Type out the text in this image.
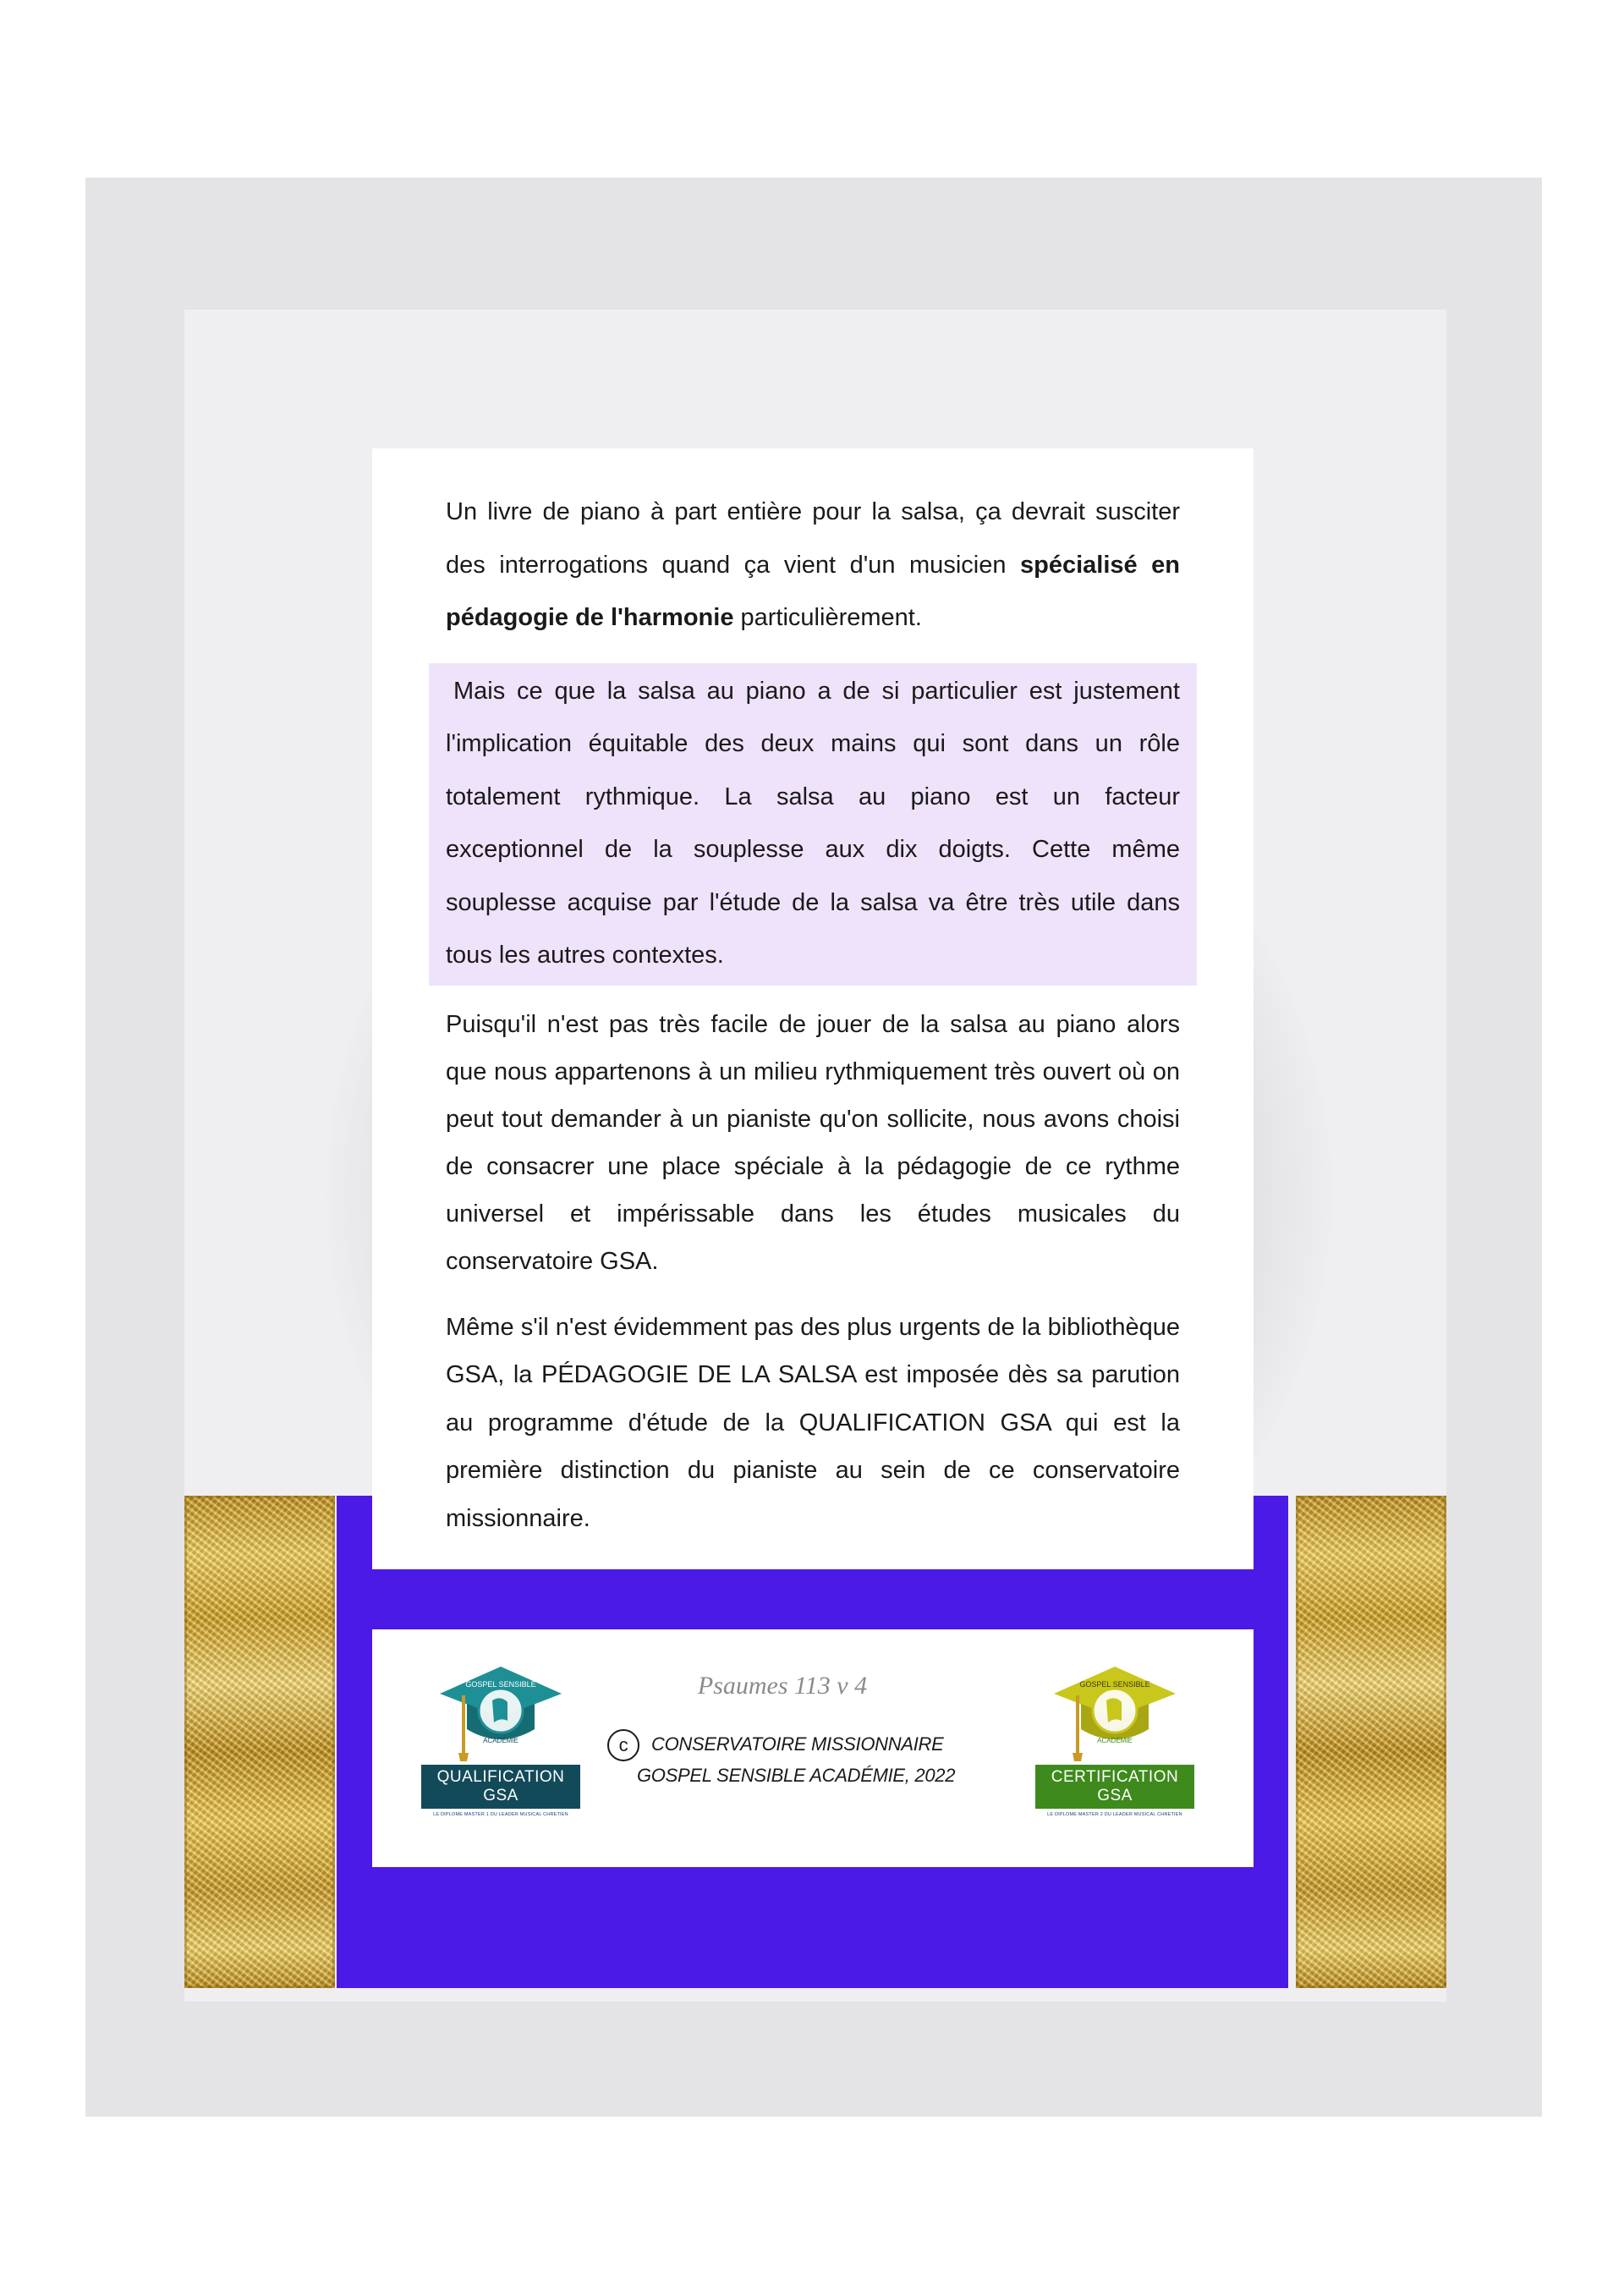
Un livre de piano à part entière pour la salsa, ça devrait susciter des interrogations quand ça vient d'un musicien spécialisé en pédagogie de l'harmonie particulièrement.

Mais ce que la salsa au piano a de si particulier est justement l'implication équitable des deux mains qui sont dans un rôle totalement rythmique. La salsa au piano est un facteur exceptionnel de la souplesse aux dix doigts. Cette même souplesse acquise par l'étude de la salsa va être très utile dans tous les autres contextes.

Puisqu'il n'est pas très facile de jouer de la salsa au piano alors que nous appartenons à un milieu rythmiquement très ouvert où on peut tout demander à un pianiste qu'on sollicite, nous avons choisi de consacrer une place spéciale à la pédagogie de ce rythme universel et impérissable dans les études musicales du conservatoire GSA.

Même s'il n'est évidemment pas des plus urgents de la bibliothèque GSA, la PÉDAGOGIE DE LA SALSA est imposée dès sa parution au programme d'étude de la QUALIFICATION GSA qui est la première distinction du pianiste au sein de ce conservatoire missionnaire.

GOSPEL SENSIBLE
ACADÉMIE
QUALIFICATION
GSA
LE DIPLOME MASTER 1 DU LEADER MUSICAL CHRETIEN
Psaumes 113 v 4
c CONSERVATOIRE MISSIONNAIRE
GOSPEL SENSIBLE ACADÉMIE, 2022
GOSPEL SENSIBLE
ACADÉMIE
CERTIFICATION
GSA
LE DIPLOME MASTER 2 DU LEADER MUSICAL CHRETIEN
